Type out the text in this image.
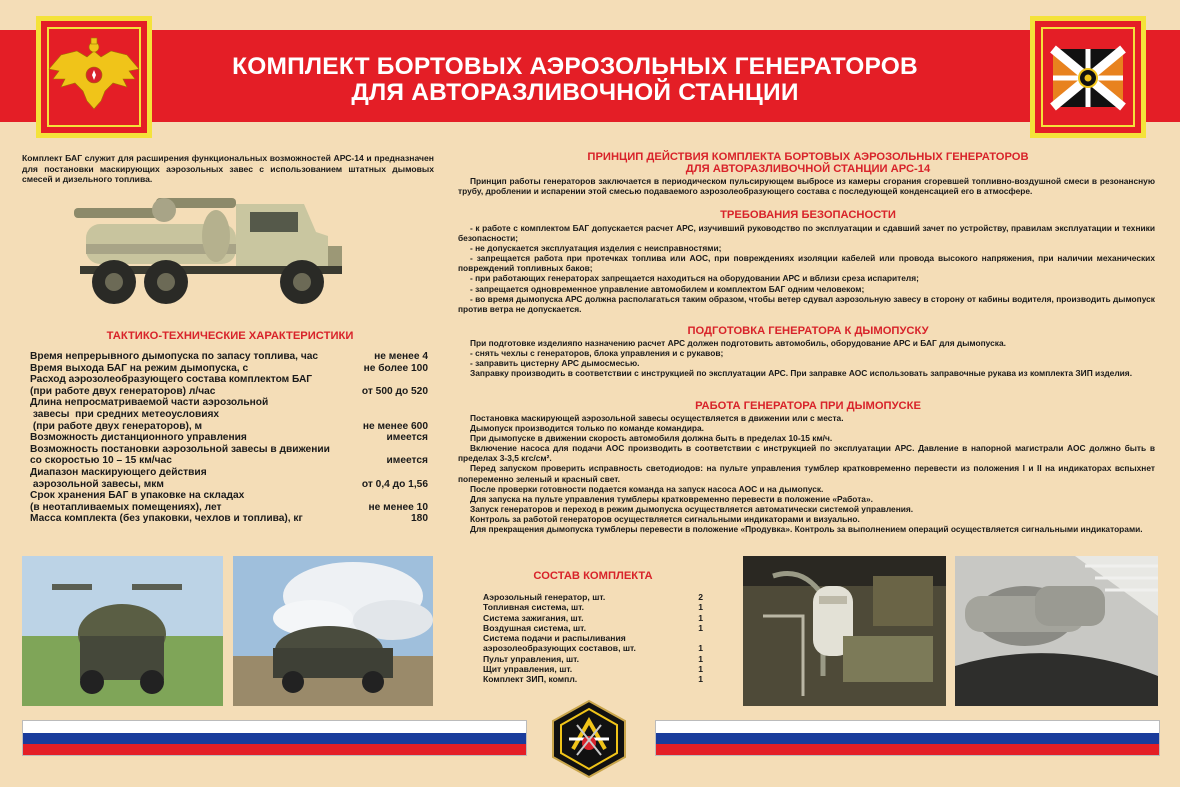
КОМПЛЕКТ БОРТОВЫХ АЭРОЗОЛЬНЫХ ГЕНЕРАТОРОВ
ДЛЯ АВТОРАЗЛИВОЧНОЙ СТАНЦИИ
Комплект БАГ служит для расширения функциональных возможностей АРС-14 и предназначен для постановки маскирующих аэрозольных завес с использованием штатных дымовых смесей и дизельного топлива.
ТАКТИКО-ТЕХНИЧЕСКИЕ ХАРАКТЕРИСТИКИ
Время непрерывного дымопуска по запасу топлива, час	не менее 4
Время выхода БАГ на режим дымопуска, с	не более 100
Расход аэрозолеобразующего состава комплектом БАГ
(при работе двух генераторов) л/час	от 500 до 520
Длина непросматриваемой части аэрозольной
завесы  при средних метеоусловиях
(при работе двух генераторов), м	не менее 600
Возможность дистанционного управления	имеется
Возможность постановки аэрозольной завесы в движении
со скоростью 10 – 15 км/час	имеется
Диапазон маскирующего действия
аэрозольной завесы, мкм	от 0,4 до 1,56
Срок хранения БАГ в упаковке на складах
(в неотапливаемых помещениях), лет	не менее 10
Масса комплекта (без упаковки, чехлов и топлива), кг	180
ПРИНЦИП ДЕЙСТВИЯ КОМПЛЕКТА БОРТОВЫХ АЭРОЗОЛЬНЫХ ГЕНЕРАТОРОВ
ДЛЯ АВТОРАЗЛИВОЧНОЙ СТАНЦИИ АРС-14

Принцип работы генераторов заключается в периодическом пульсирующем выбросе из камеры сгорания сгоревшей топливно-воздушной смеси в резонансную трубу, дроблении и испарении этой смесью подаваемого аэрозолеобразующего состава с последующей конденсацией его в атмосфере.

ТРЕБОВАНИЯ БЕЗОПАСНОСТИ

- к работе с комплектом БАГ допускается расчет АРС, изучивший руководство по эксплуатации и сдавший зачет по устройству, правилам эксплуатации и техники безопасности;

- не допускается эксплуатация изделия с неисправностями;

- запрещается работа при протечках топлива или АОС, при повреждениях изоляции кабелей или провода высокого напряжения, при наличии механических повреждений топливных баков;

- при работающих генераторах запрещается находиться на оборудовании АРС и вблизи среза испарителя;

- запрещается одновременное управление автомобилем и комплектом БАГ одним человеком;

- во время дымопуска АРС должна располагаться таким образом, чтобы ветер сдувал аэрозольную завесу в сторону от кабины водителя, производить дымопуск против ветра не допускается.

ПОДГОТОВКА ГЕНЕРАТОРА К ДЫМОПУСКУ

При подготовке изделияпо назначению расчет АРС должен подготовить автомобиль, оборудование АРС и БАГ для дымопуска.

- снять чехлы с генераторов, блока управления и с рукавов;

- заправить цистерну АРС дымосмесью.

Заправку производить в соответствии с инструкцией по эксплуатации АРС. При заправке АОС использовать заправочные рукава из комплекта ЗИП изделия.

РАБОТА ГЕНЕРАТОРА ПРИ ДЫМОПУСКЕ

Постановка маскирующей аэрозольной завесы осуществляется в движении или с места.

Дымопуск производится только по команде командира.

При дымопуске в движении скорость автомобиля должна быть в пределах 10-15 км/ч.

Включение насоса для подачи АОС производить в соответствии с инструкцией по эксплуатации АРС. Давление в напорной магистрали АОС должно быть в пределах 3-3,5 кгс/см².

Перед запуском проверить исправность светодиодов: на пульте управления тумблер кратковременно перевести из положения I и II на индикаторах вспыхнет попеременно зеленый и красный свет.

После проверки готовности подается команда на запуск насоса АОС и на дымопуск.

Для запуска на пульте управления тумблеры кратковременно перевести в положение «Работа».

Запуск генераторов и переход в режим дымопуска осуществляется автоматически системой управления.

Контроль за работой генераторов осуществляется сигнальными индикаторами и визуально.

Для прекращения дымопуска тумблеры перевести в положение «Продувка». Контроль за выполнением операций осуществляется сигнальными индикаторами.

СОСТАВ КОМПЛЕКТА
Аэрозольный генератор, шт.	2
Топливная система, шт.	1
Система зажигания, шт.	1
Воздушная система, шт.	1
Система подачи и распыливания
аэрозолеобразующих составов, шт.	1
Пульт управления, шт.	1
Щит управления, шт.	1
Комплект ЗИП, компл.	1
